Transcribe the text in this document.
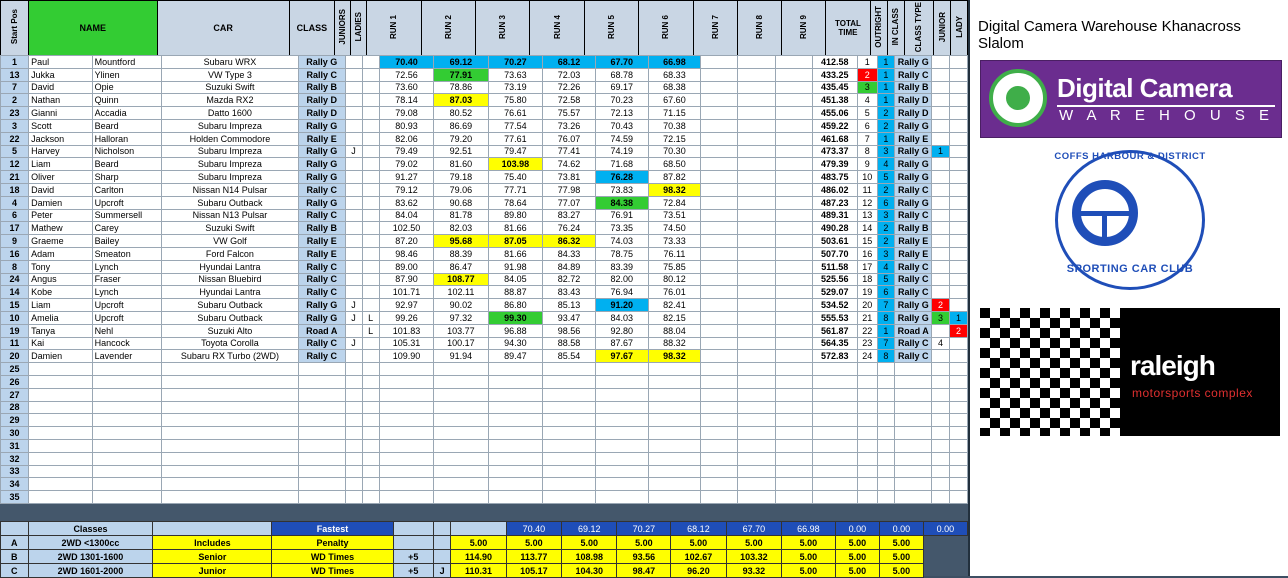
Start Pos	NAME	CAR	CLASS	JUNIORS	LADIES	RUN 1	RUN 2	RUN 3	RUN 4	RUN 5	RUN 6	RUN 7	RUN 8	RUN 9	TOTAL TIME	OUTRIGHT	IN CLASS	CLASS TYPE	JUNIOR	LADY
1	Paul	Mountford	Subaru WRX	Rally G			70.40	69.12	70.27	68.12	67.70	66.98				412.58	1	1	Rally G		
13	Jukka	Ylinen	VW Type 3	Rally C			72.56	77.91	73.63	72.03	68.78	68.33				433.25	2	1	Rally C		
7	David	Opie	Suzuki Swift	Rally B			73.60	78.86	73.19	72.26	69.17	68.38				435.45	3	1	Rally B		
2	Nathan	Quinn	Mazda RX2	Rally D			78.14	87.03	75.80	72.58	70.23	67.60				451.38	4	1	Rally D		
23	Gianni	Accadia	Datto 1600	Rally D			79.08	80.52	76.61	75.57	72.13	71.15				455.06	5	2	Rally D		
3	Scott	Beard	Subaru Impreza	Rally G			80.93	86.69	77.54	73.26	70.43	70.38				459.22	6	2	Rally G		
22	Jackson	Halloran	Holden Commodore	Rally E			82.06	79.20	77.61	76.07	74.59	72.15				461.68	7	1	Rally E		
5	Harvey	Nicholson	Subaru Impreza	Rally G	J		79.49	92.51	79.47	77.41	74.19	70.30				473.37	8	3	Rally G	1	
12	Liam	Beard	Subaru Impreza	Rally G			79.02	81.60	103.98	74.62	71.68	68.50				479.39	9	4	Rally G		
21	Oliver	Sharp	Subaru Impreza	Rally G			91.27	79.18	75.40	73.81	76.28	87.82				483.75	10	5	Rally G		
18	David	Carlton	Nissan N14 Pulsar	Rally C			79.12	79.06	77.71	77.98	73.83	98.32				486.02	11	2	Rally C		
4	Damien	Upcroft	Subaru Outback	Rally G			83.62	90.68	78.64	77.07	84.38	72.84				487.23	12	6	Rally G		
6	Peter	Summersell	Nissan N13 Pulsar	Rally C			84.04	81.78	89.80	83.27	76.91	73.51				489.31	13	3	Rally C		
17	Mathew	Carey	Suzuki Swift	Rally B			102.50	82.03	81.66	76.24	73.35	74.50				490.28	14	2	Rally B		
9	Graeme	Bailey	VW Golf	Rally E			87.20	95.68	87.05	86.32	74.03	73.33				503.61	15	2	Rally E		
16	Adam	Smeaton	Ford Falcon	Rally E			98.46	88.39	81.66	84.33	78.75	76.11				507.70	16	3	Rally E		
8	Tony	Lynch	Hyundai Lantra	Rally C			89.00	86.47	91.98	84.89	83.39	75.85				511.58	17	4	Rally C		
24	Angus	Fraser	Nissan Bluebird	Rally C			87.90	108.77	84.05	82.72	82.00	80.12				525.56	18	5	Rally C		
14	Kobe	Lynch	Hyundai Lantra	Rally C			101.71	102.11	88.87	83.43	76.94	76.01				529.07	19	6	Rally C		
15	Liam	Upcroft	Subaru Outback	Rally G	J		92.97	90.02	86.80	85.13	91.20	82.41				534.52	20	7	Rally G	2	
10	Amelia	Upcroft	Subaru Outback	Rally G	J	L	99.26	97.32	99.30	93.47	84.03	82.15				555.53	21	8	Rally G	3	1
19	Tanya	Nehl	Suzuki Alto	Road A		L	101.83	103.77	96.88	98.56	92.80	88.04				561.87	22	1	Road A		2
11	Kai	Hancock	Toyota Corolla	Rally C	J		105.31	100.17	94.30	88.58	87.67	88.32				564.35	23	7	Rally C	4	
20	Damien	Lavender	Subaru RX Turbo (2WD)	Rally C			109.90	91.94	89.47	85.54	97.67	98.32				572.83	24	8	Rally C		
25																					
26																					
27																					
28																					
29																					
30																					
31																					
32																					
33																					
34																					
35																					
	Classes		Fastest				70.40	69.12	70.27	68.12	67.70	66.98	0.00	0.00	0.00
A	2WD <1300cc	Includes	Penalty			5.00	5.00	5.00	5.00	5.00	5.00	5.00	5.00	5.00	
B	2WD 1301-1600	Senior	WD Times	+5		114.90	113.77	108.98	93.56	102.67	103.32	5.00	5.00	5.00	
C	2WD 1601-2000	Junior	WD Times	+5	J	110.31	105.17	104.30	98.47	96.20	93.32	5.00	5.00	5.00	
Digital Camera Warehouse Khanacross Slalom
Digital Camera
W A R E H O U S E
COFFS HARBOUR & DISTRICT
SPORTING CAR CLUB
raleigh
motorsports complex
